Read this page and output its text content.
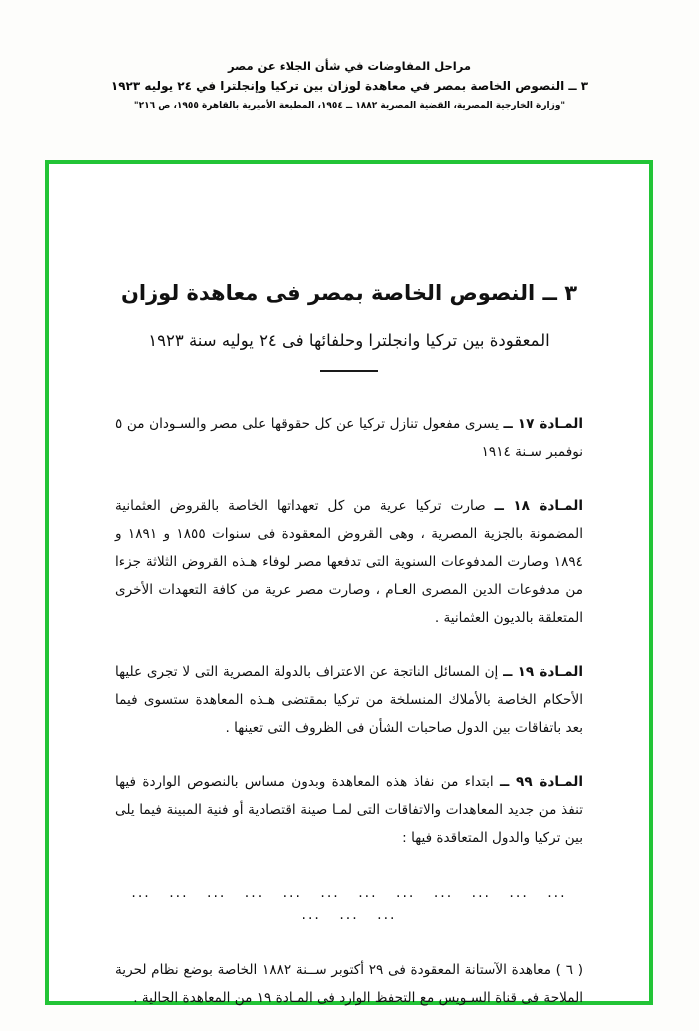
مراحل المفاوضات في شأن الجلاء عن مصر
٣ ــ النصوص الخاصة بمصر في معاهدة لوزان بين تركيا وإنجلترا في ٢٤ يوليه ١٩٢٣
"وزارة الخارجية المصرية، القضية المصرية ١٨٨٢ ــ ١٩٥٤، المطبعة الأميرية بالقاهرة ١٩٥٥، ص ٢١٦"
٣ ــ النصوص الخاصة بمصر فى معاهدة لوزان
المعقودة بين تركيا وانجلترا وحلفائها فى ٢٤ يوليه سنة ١٩٢٣

المـادة ١٧ ــ يسرى مفعول تنازل تركيا عن كل حقوقها على مصر والسـودان من ٥ نوفمبر سـنة ١٩١٤

المـادة ١٨ ــ صارت تركيا عرية من كل تعهداتها الخاصة بالقروض العثمانية المضمونة بالجزية المصرية ، وهى القروض المعقودة فى سنوات ١٨٥٥ و ١٨٩١ و ١٨٩٤ وصارت المدفوعات السنوية التى تدفعها مصر لوفاء هـذه القروض الثلاثة جزءا من مدفوعات الدين المصرى العـام ، وصارت مصر عرية من كافة التعهدات الأخرى المتعلقة بالديون العثمانية .

المـادة ١٩ ــ إن المسائل الناتجة عن الاعتراف بالدولة المصرية التى لا تجرى عليها الأحكام الخاصة بالأملاك المنسلخة من تركيا بمقتضى هـذه المعاهدة ستسوى فيما بعد باتفاقات بين الدول صاحبات الشأن فى الظروف التى تعينها .

المـادة ٩٩ ــ ابتداء من نفاذ هذه المعاهدة وبدون مساس بالنصوص الواردة فيها تنفذ من جديد المعاهدات والاتفاقات التى لمـا صينة اقتصادية أو فنية المبينة فيما يلى بين تركيا والدول المتعاقدة فيها :

... ... ... ... ... ... ... ... ... ... ... ... ... ... ...

( ٦ ) معاهدة الآستانة المعقودة فى ٢٩ أكتوبر ســنة ١٨٨٢ الخاصة بوضع نظام لحرية الملاحة فى قناة السـويس مع التحفظ الوارد فى المـادة ١٩ من المعاهدة الحالية .
